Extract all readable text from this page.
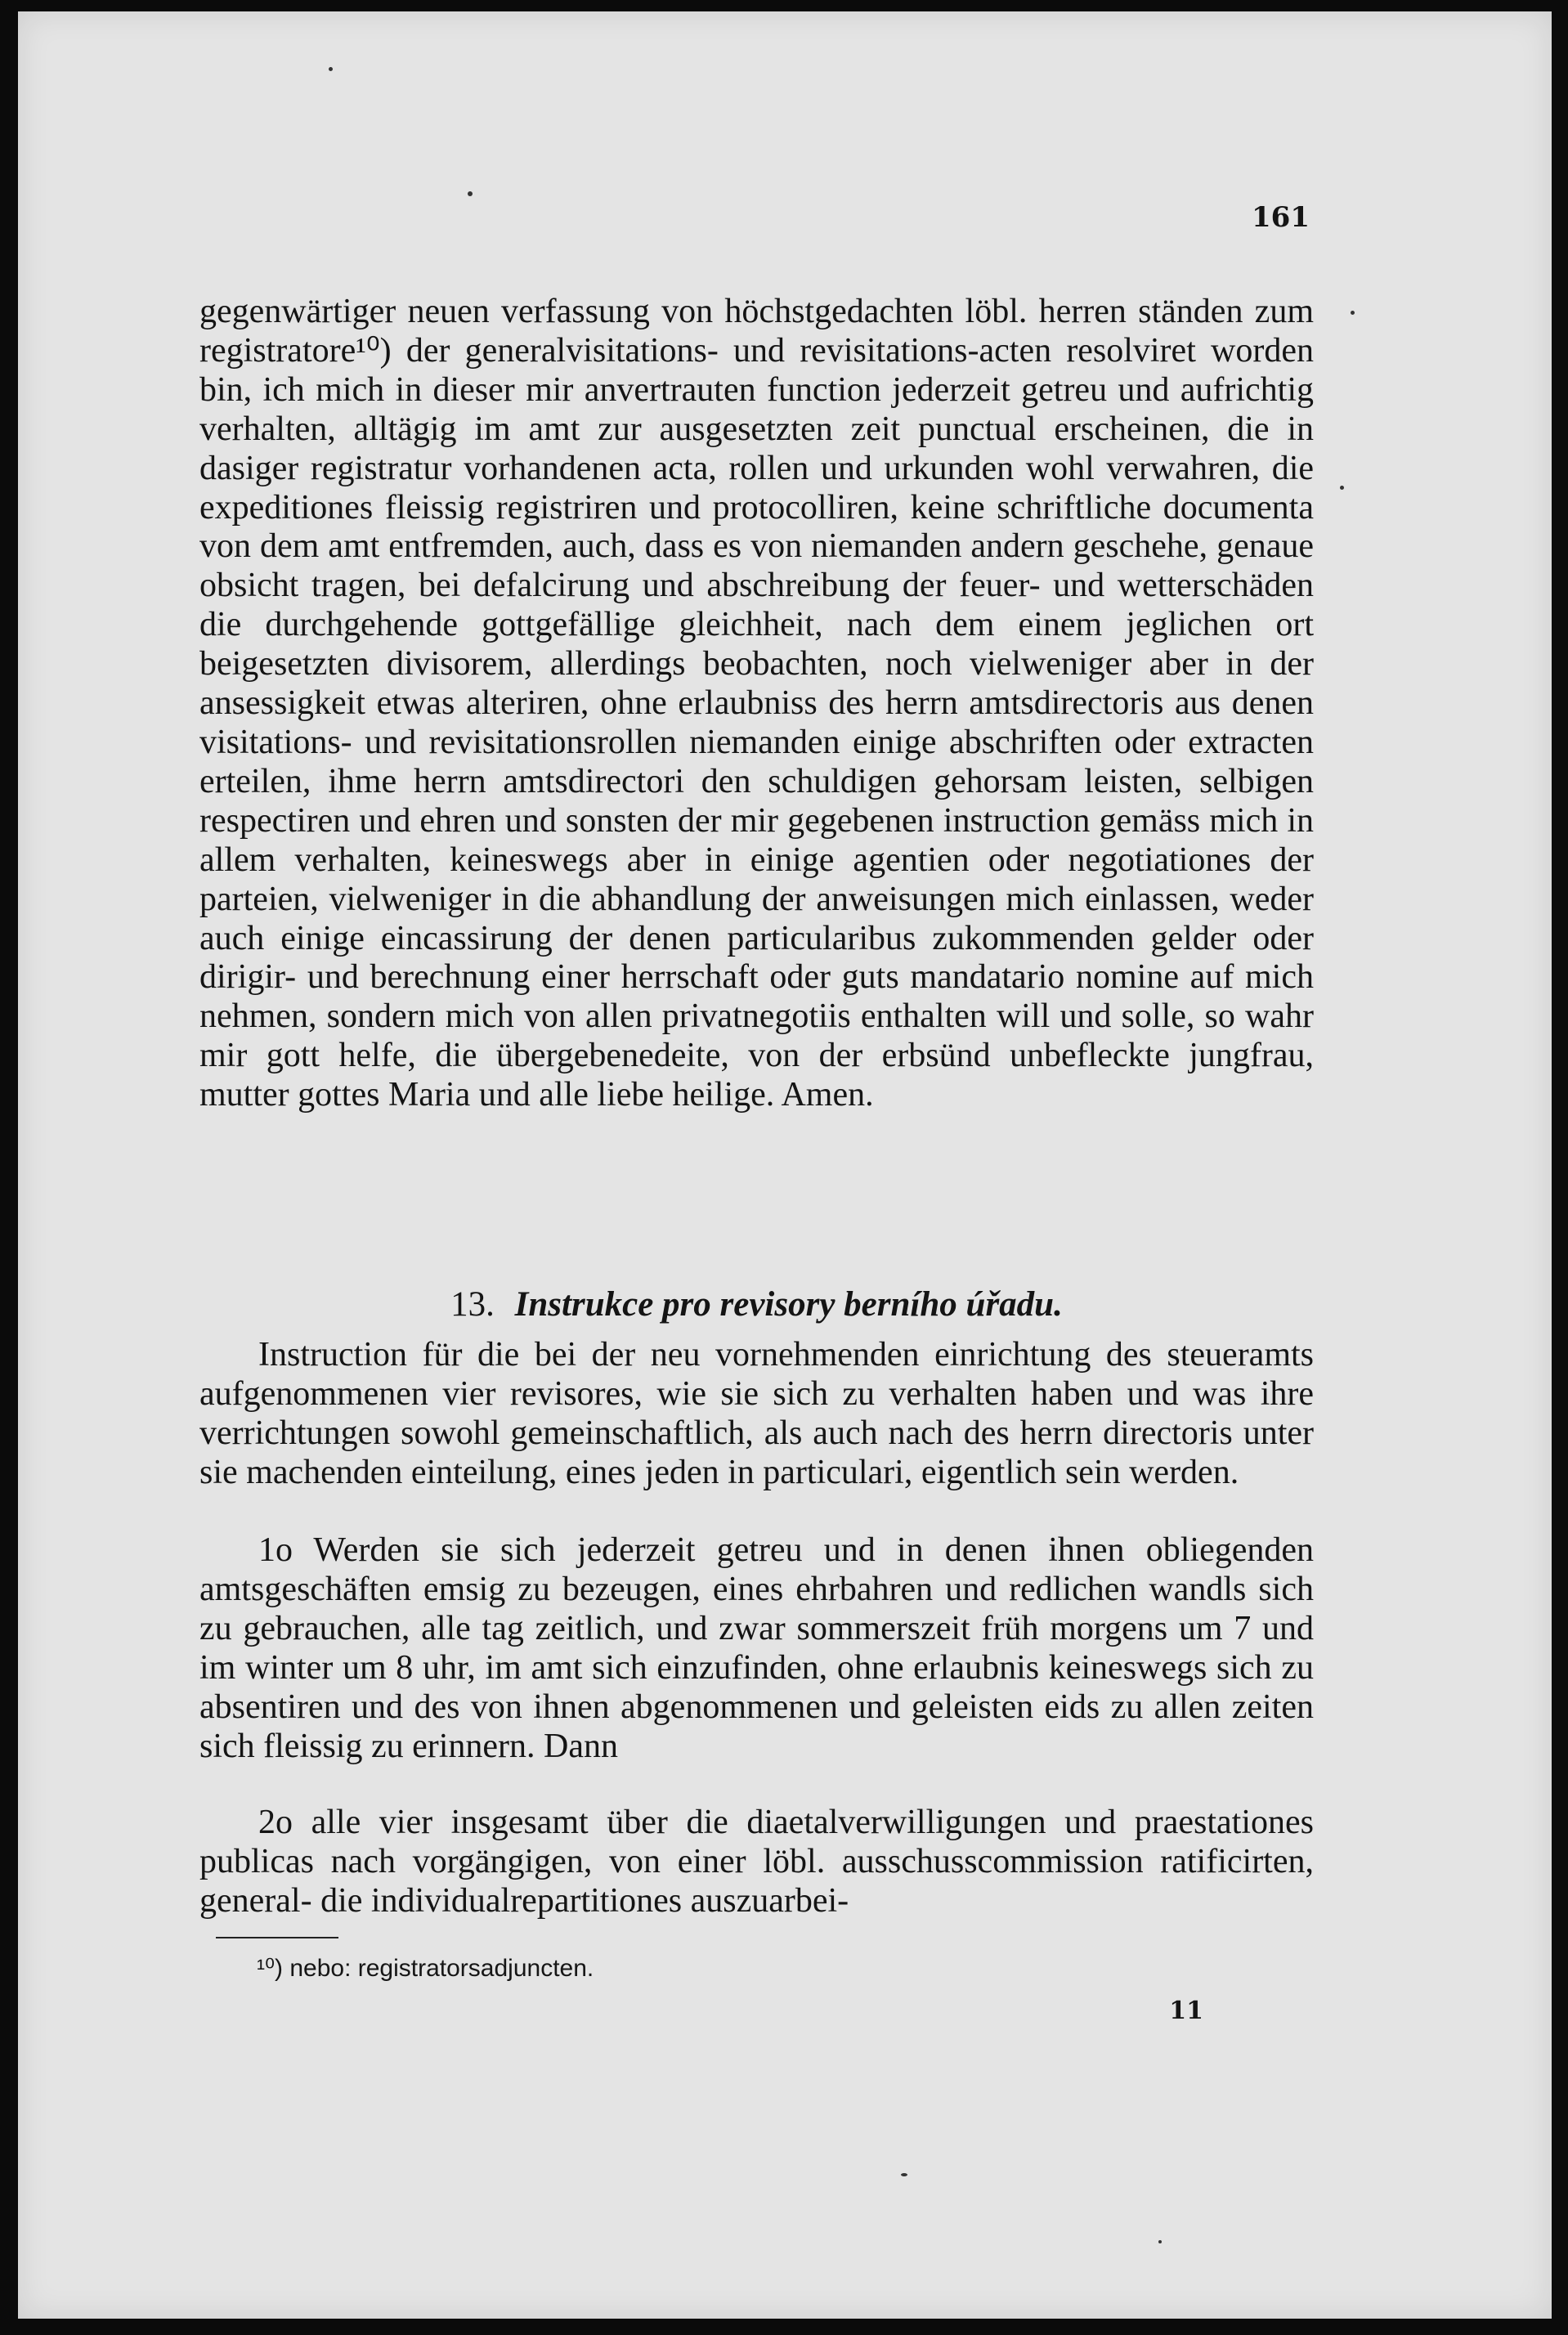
161

gegenwärtiger neuen verfassung von höchstgedachten löbl. herren ständen zum registratore¹⁰) der generalvisitations- und revisitations-acten resolviret worden bin, ich mich in dieser mir anvertrauten function jederzeit getreu und aufrichtig verhalten, alltägig im amt zur ausgesetzten zeit punctual erscheinen, die in dasiger registratur vorhandenen acta, rollen und urkunden wohl verwahren, die expeditiones fleissig registriren und protocolliren, keine schriftliche documenta von dem amt entfremden, auch, dass es von niemanden andern geschehe, genaue obsicht tragen, bei defalcirung und abschreibung der feuer- und wetterschäden die durchgehende gottgefällige gleichheit, nach dem einem jeglichen ort beigesetzten divisorem, allerdings beobachten, noch vielweniger aber in der ansessigkeit etwas alteriren, ohne erlaubniss des herrn amtsdirectoris aus denen visitations- und revisitationsrollen niemanden einige abschriften oder extracten erteilen, ihme herrn amtsdirectori den schuldigen gehorsam leisten, selbigen respectiren und ehren und sonsten der mir gegebenen instruction gemäss mich in allem verhalten, keineswegs aber in einige agentien oder negotiationes der parteien, vielweniger in die abhandlung der anweisungen mich einlassen, weder auch einige eincassirung der denen particularibus zukommenden gelder oder dirigir- und berechnung einer herrschaft oder guts mandatario nomine auf mich nehmen, sondern mich von allen privatnegotiis enthalten will und solle, so wahr mir gott helfe, die übergebenedeite, von der erbsünd unbefleckte jungfrau, mutter gottes Maria und alle liebe heilige. Amen.

13. Instrukce pro revisory berního úřadu.

Instruction für die bei der neu vornehmenden einrichtung des steueramts aufgenommenen vier revisores, wie sie sich zu verhalten haben und was ihre verrichtungen sowohl gemeinschaftlich, als auch nach des herrn directoris unter sie machenden einteilung, eines jeden in particulari, eigentlich sein werden.

1o Werden sie sich jederzeit getreu und in denen ihnen obliegenden amtsgeschäften emsig zu bezeugen, eines ehrbahren und redlichen wandls sich zu gebrauchen, alle tag zeitlich, und zwar sommerszeit früh morgens um 7 und im winter um 8 uhr, im amt sich einzufinden, ohne erlaubnis keineswegs sich zu absentiren und des von ihnen abgenommenen und geleisten eids zu allen zeiten sich fleissig zu erinnern. Dann

2o alle vier insgesamt über die diaetalverwilligungen und praestationes publicas nach vorgängigen, von einer löbl. ausschusscommission ratificirten, general- die individualrepartitiones auszuarbei-

¹⁰) nebo: registratorsadjuncten.
11
